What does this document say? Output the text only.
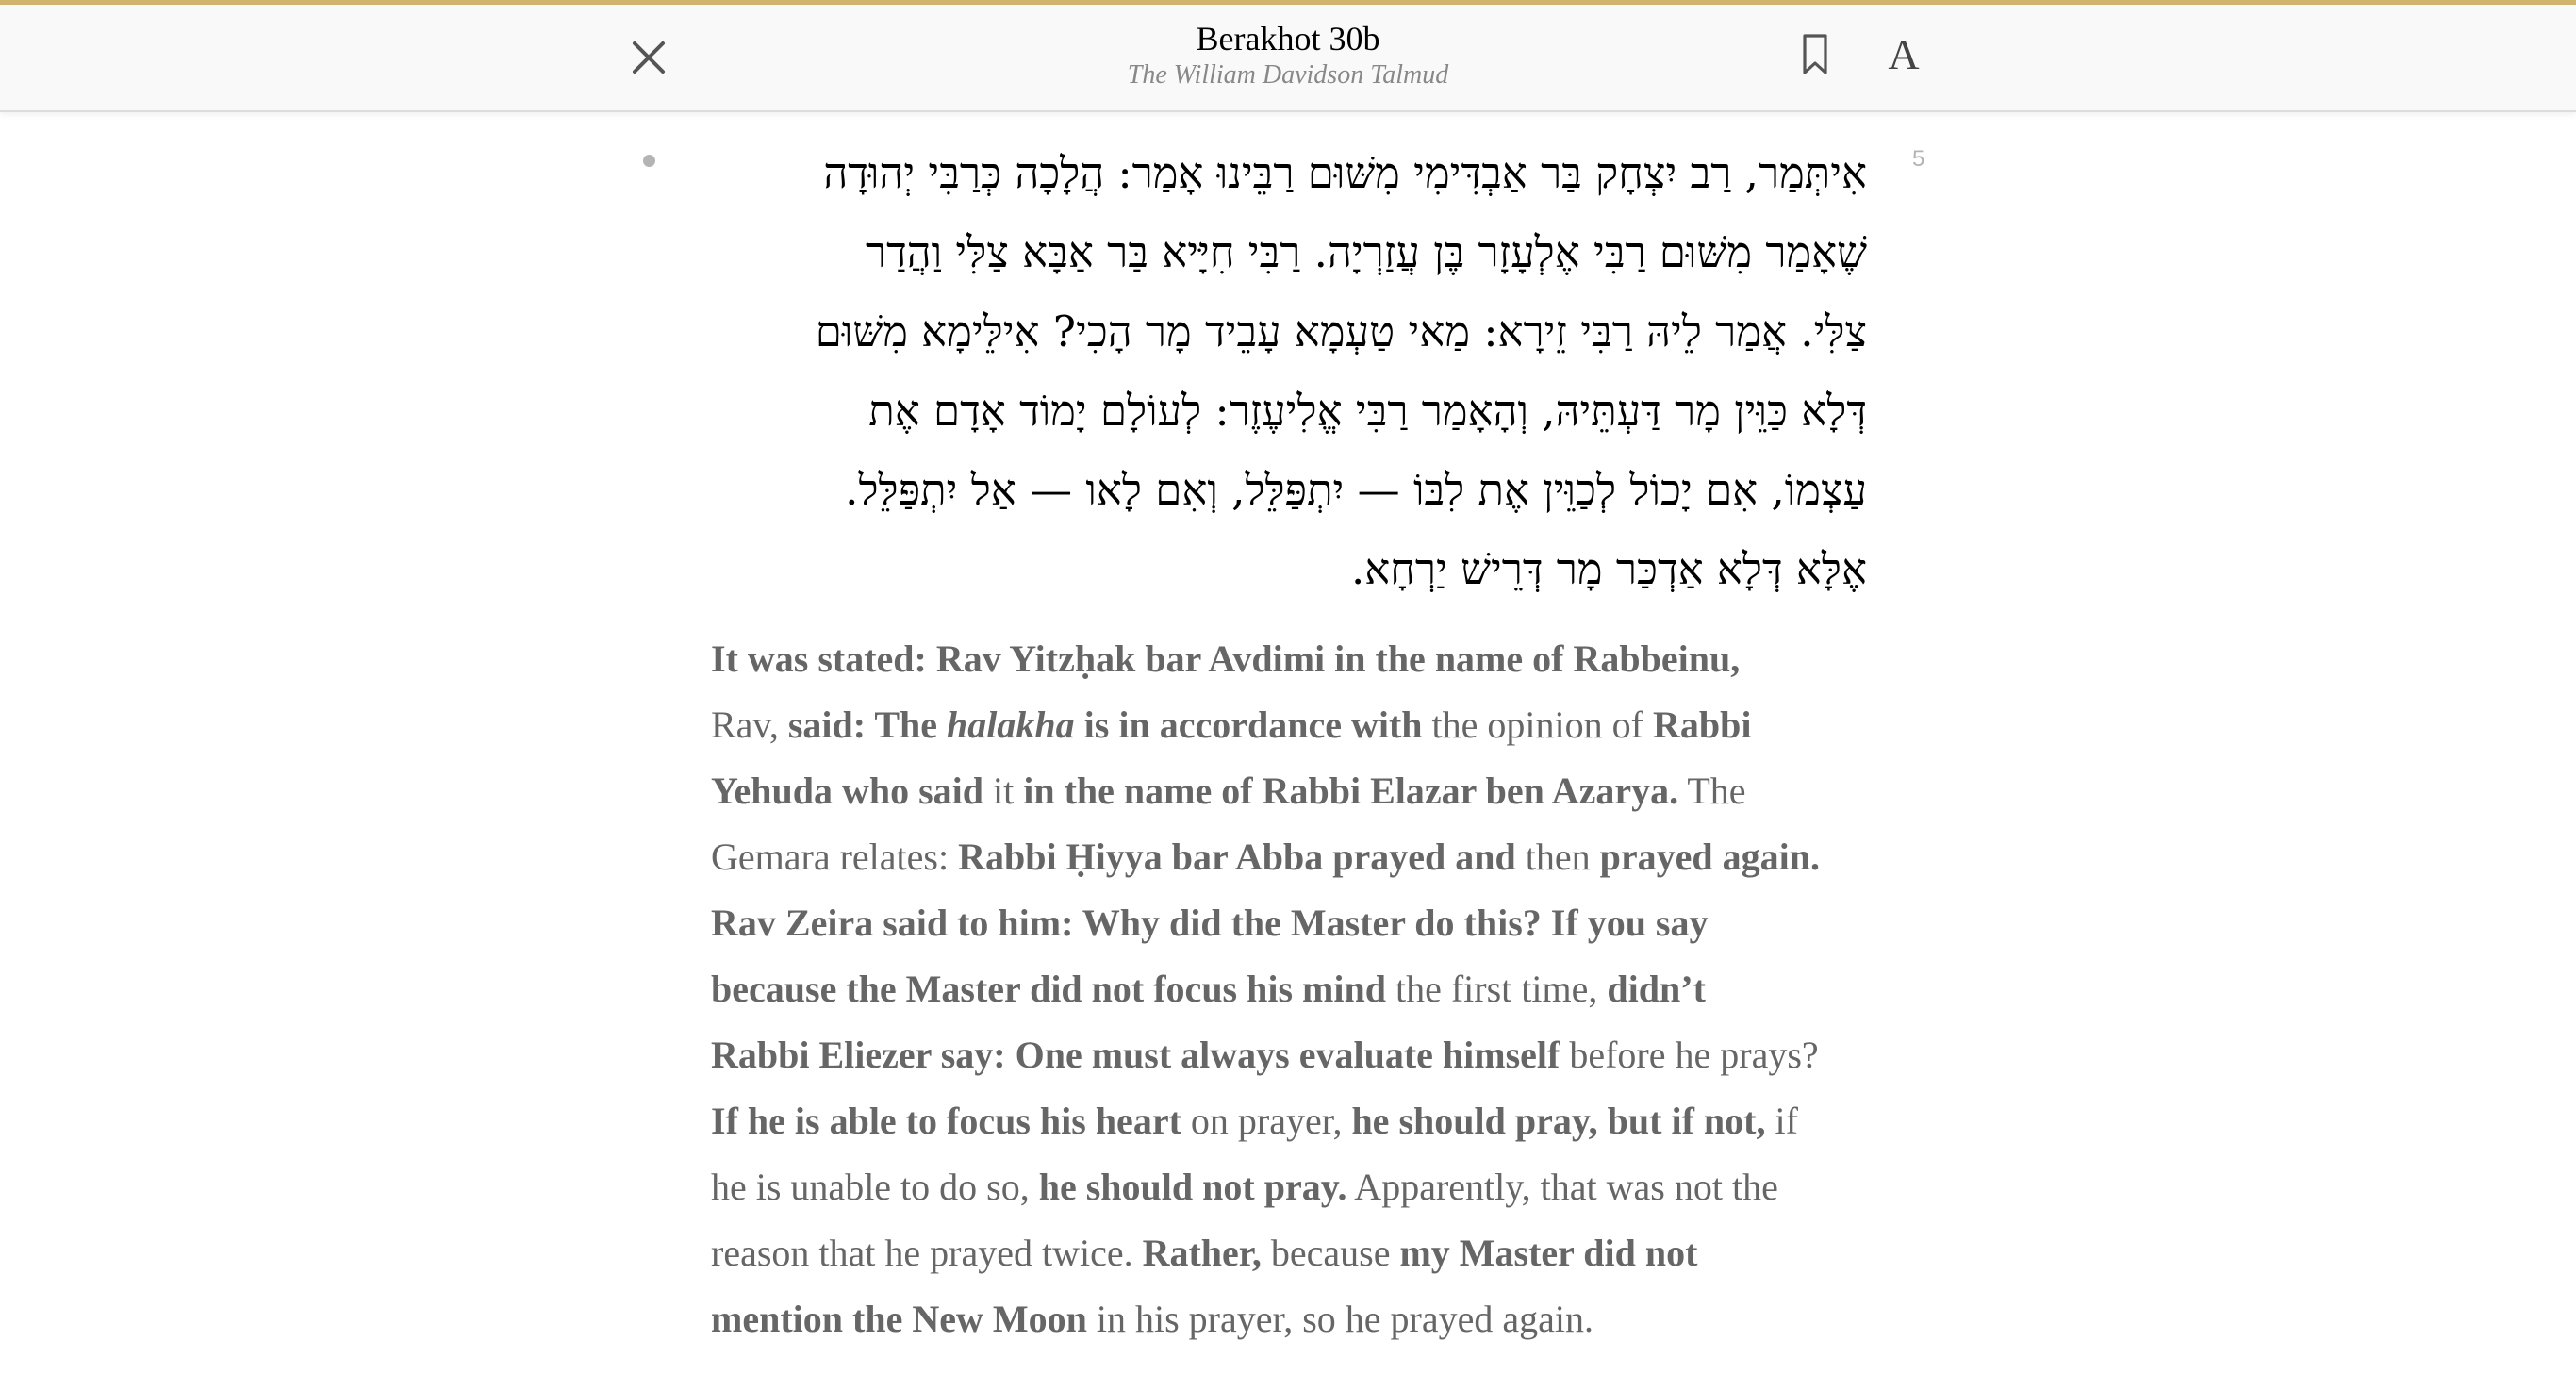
Berakhot 30b
The William Davidson Talmud	A
5
אִיתְּמַר, רַב יִצְחָק בַּר אַבְדִּימִי מִשּׁוּם רַבֵּינוּ אָמַר: הֲלָכָה כְּרַבִּי יְהוּדָה
שֶׁאָמַר מִשּׁוּם רַבִּי אֶלְעָזָר בֶּן עֲזַרְיָה. רַבִּי חִיָּיא בַּר אַבָּא צַלִּי וַהֲדַר
צַלִּי. אֲמַר לֵיהּ רַבִּי זֵירָא: מַאי טַעְמָא עָבֵיד מָר הָכִי? אִילֵּימָא מִשּׁוּם
דְּלָא כַּוֵּין מָר דַּעְתֵּיהּ, וְהָאָמַר רַבִּי אֱלִיעֶזֶר: לְעוֹלָם יָמוֹד אָדָם אֶת
עַצְמוֹ, אִם יָכוֹל לְכַוֵּין אֶת לִבּוֹ — יִתְפַּלֵּל, וְאִם לָאו — אַל יִתְפַּלֵּל.
אֶלָּא דְּלָא אַדְכַּר מָר דְּרֵישׁ יַרְחָא.
It was stated: Rav Yitzḥak bar Avdimi in the name of Rabbeinu,
Rav, said: The halakha is in accordance with the opinion of Rabbi
Yehuda who said it in the name of Rabbi Elazar ben Azarya. The
Gemara relates: Rabbi Ḥiyya bar Abba prayed and then prayed again.
Rav Zeira said to him: Why did the Master do this? If you say
because the Master did not focus his mind the first time, didn’t
Rabbi Eliezer say: One must always evaluate himself before he prays?
If he is able to focus his heart on prayer, he should pray, but if not, if
he is unable to do so, he should not pray. Apparently, that was not the
reason that he prayed twice. Rather, because my Master did not
mention the New Moon in his prayer, so he prayed again.
